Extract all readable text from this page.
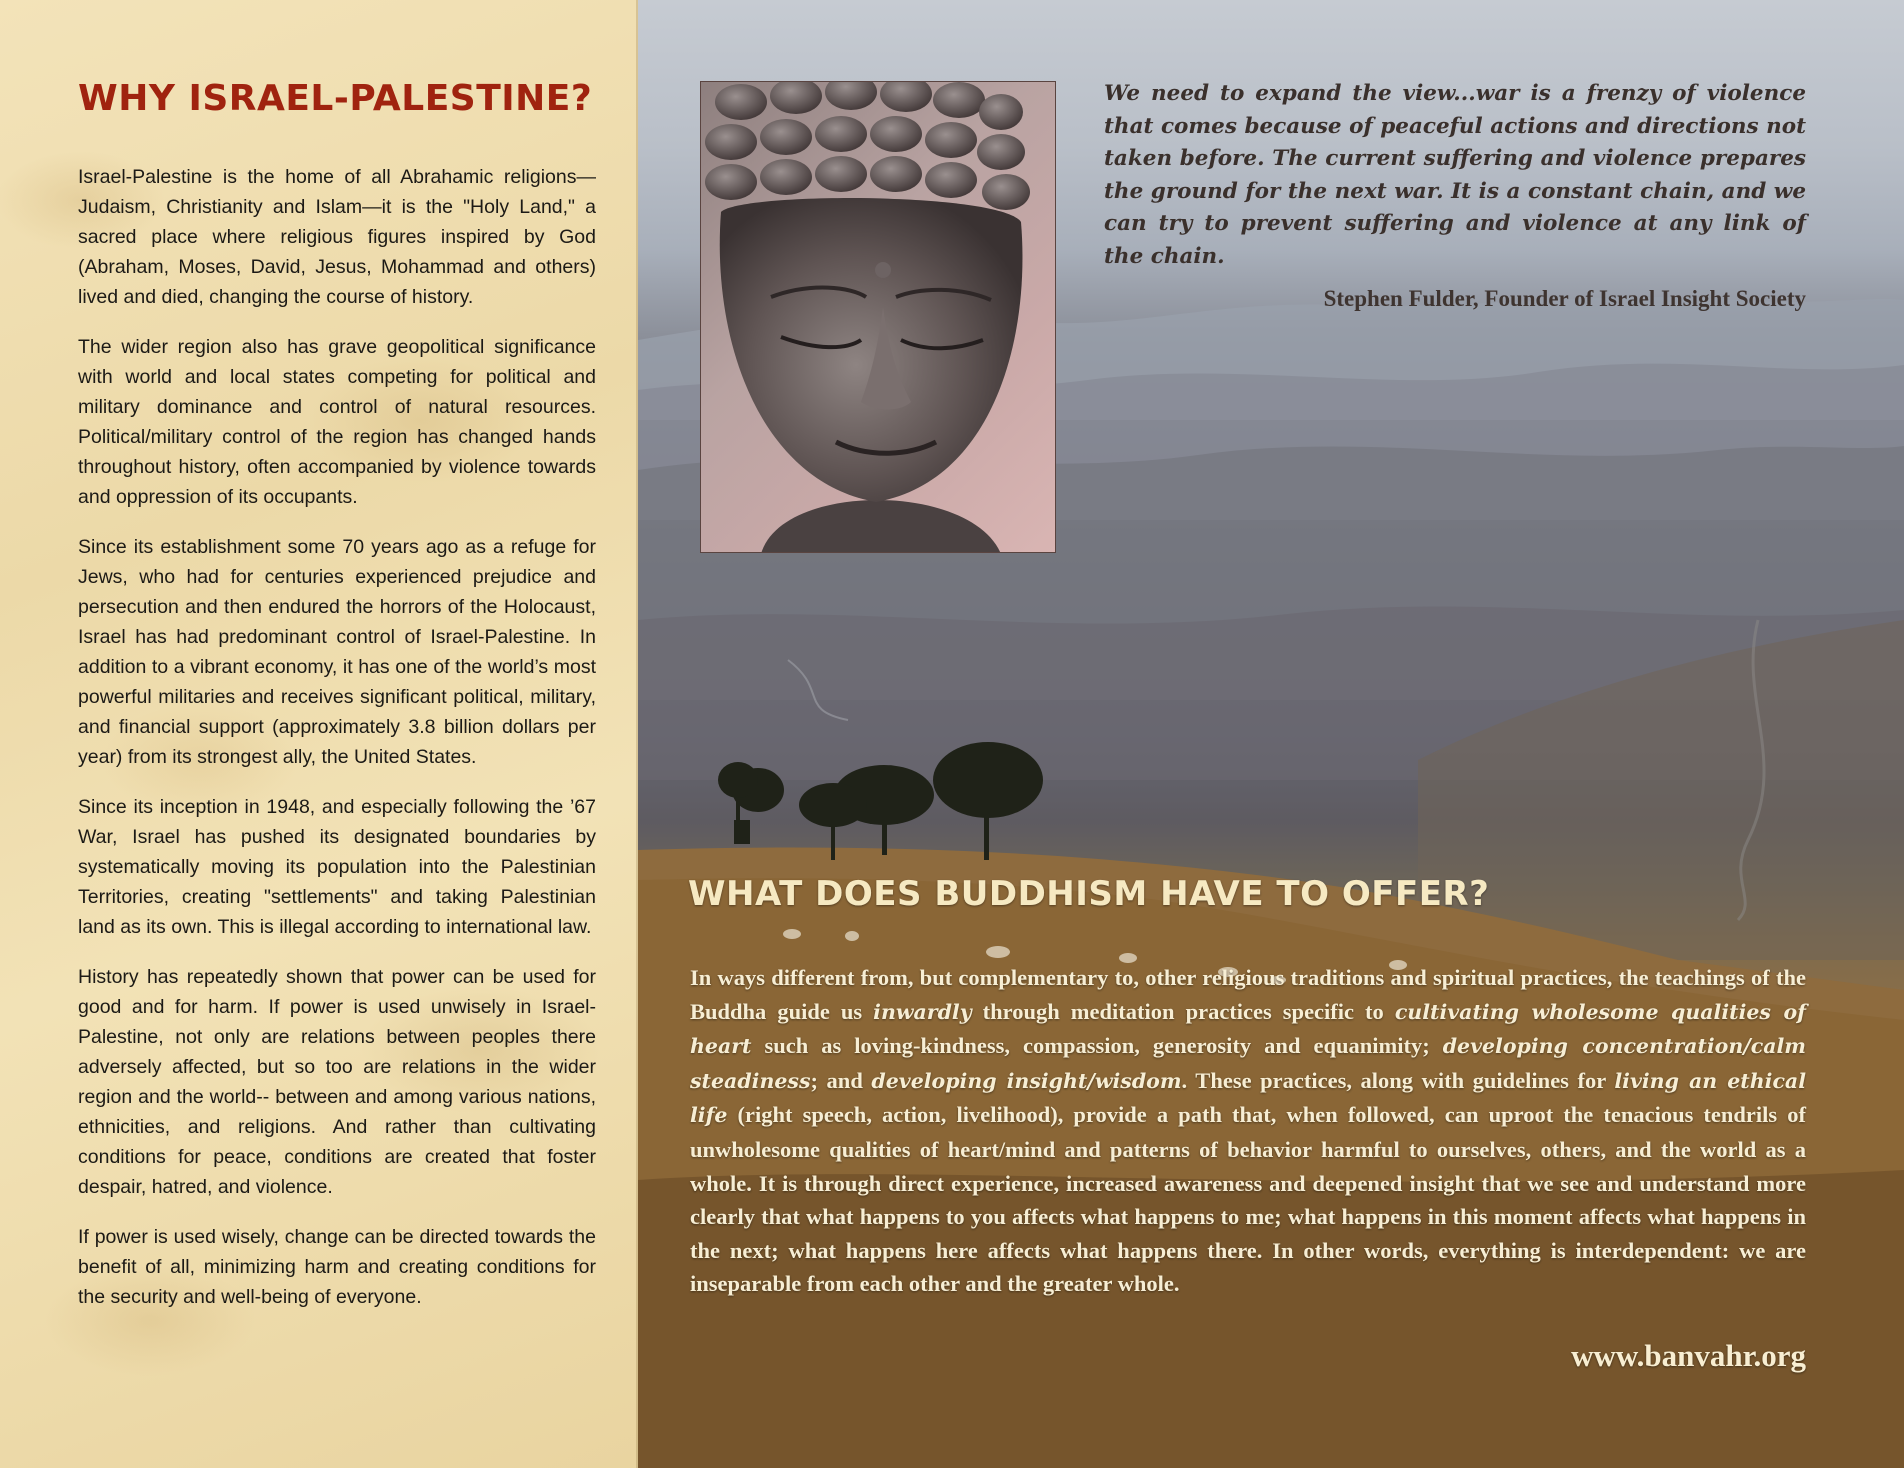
WHY ISRAEL-PALESTINE?

Israel-Palestine is the home of all Abrahamic religions—Judaism, Christianity and Islam—it is the "Holy Land," a sacred place where religious figures inspired by God (Abraham, Moses, David, Jesus, Mohammad and others) lived and died, changing the course of history.

The wider region also has grave geopolitical significance with world and local states competing for political and military dominance and control of natural resources. Political/military control of the region has changed hands throughout history, often accompanied by violence towards and oppression of its occupants.

Since its establishment some 70 years ago as a refuge for Jews, who had for centuries experienced prejudice and persecution and then endured the horrors of the Holocaust, Israel has had predominant control of Israel-Palestine. In addition to a vibrant economy, it has one of the world’s most powerful militaries and receives significant political, military, and financial support (approximately 3.8 billion dollars per year) from its strongest ally, the United States.

Since its inception in 1948, and especially following the ’67 War, Israel has pushed its designated boundaries by systematically moving its population into the Palestinian Territories, creating "settlements" and taking Palestinian land as its own. This is illegal according to international law.

History has repeatedly shown that power can be used for good and for harm. If power is used unwisely in Israel-Palestine, not only are relations between peoples there adversely affected, but so too are relations in the wider region and the world-- between and among various nations, ethnicities, and religions. And rather than cultivating conditions for peace, conditions are created that foster despair, hatred, and violence.

If power is used wisely, change can be directed towards the benefit of all, minimizing harm and creating conditions for the security and well-being of everyone.

We need to expand the view...war is a frenzy of violence that comes because of peaceful actions and directions not taken before. The current suffering and violence prepares the ground for the next war. It is a constant chain, and we can try to prevent suffering and violence at any link of the chain.
Stephen Fulder, Founder of Israel Insight Society
WHAT DOES BUDDHISM HAVE TO OFFER?
In ways different from, but complementary to, other religious traditions and spiritual practices, the teachings of the Buddha guide us inwardly through meditation practices specific to cultivating wholesome qualities of heart such as loving-kindness, compassion, generosity and equanimity; developing concentration/calm steadiness; and developing insight/wisdom. These practices, along with guidelines for living an ethical life (right speech, action, livelihood), provide a path that, when followed, can uproot the tenacious tendrils of unwholesome qualities of heart/mind and patterns of behavior harmful to ourselves, others, and the world as a whole. It is through direct experience, increased awareness and deepened insight that we see and understand more clearly that what happens to you affects what happens to me; what happens in this moment affects what happens in the next; what happens here affects what happens there. In other words, everything is interdependent: we are inseparable from each other and the greater whole.
www.banvahr.org
